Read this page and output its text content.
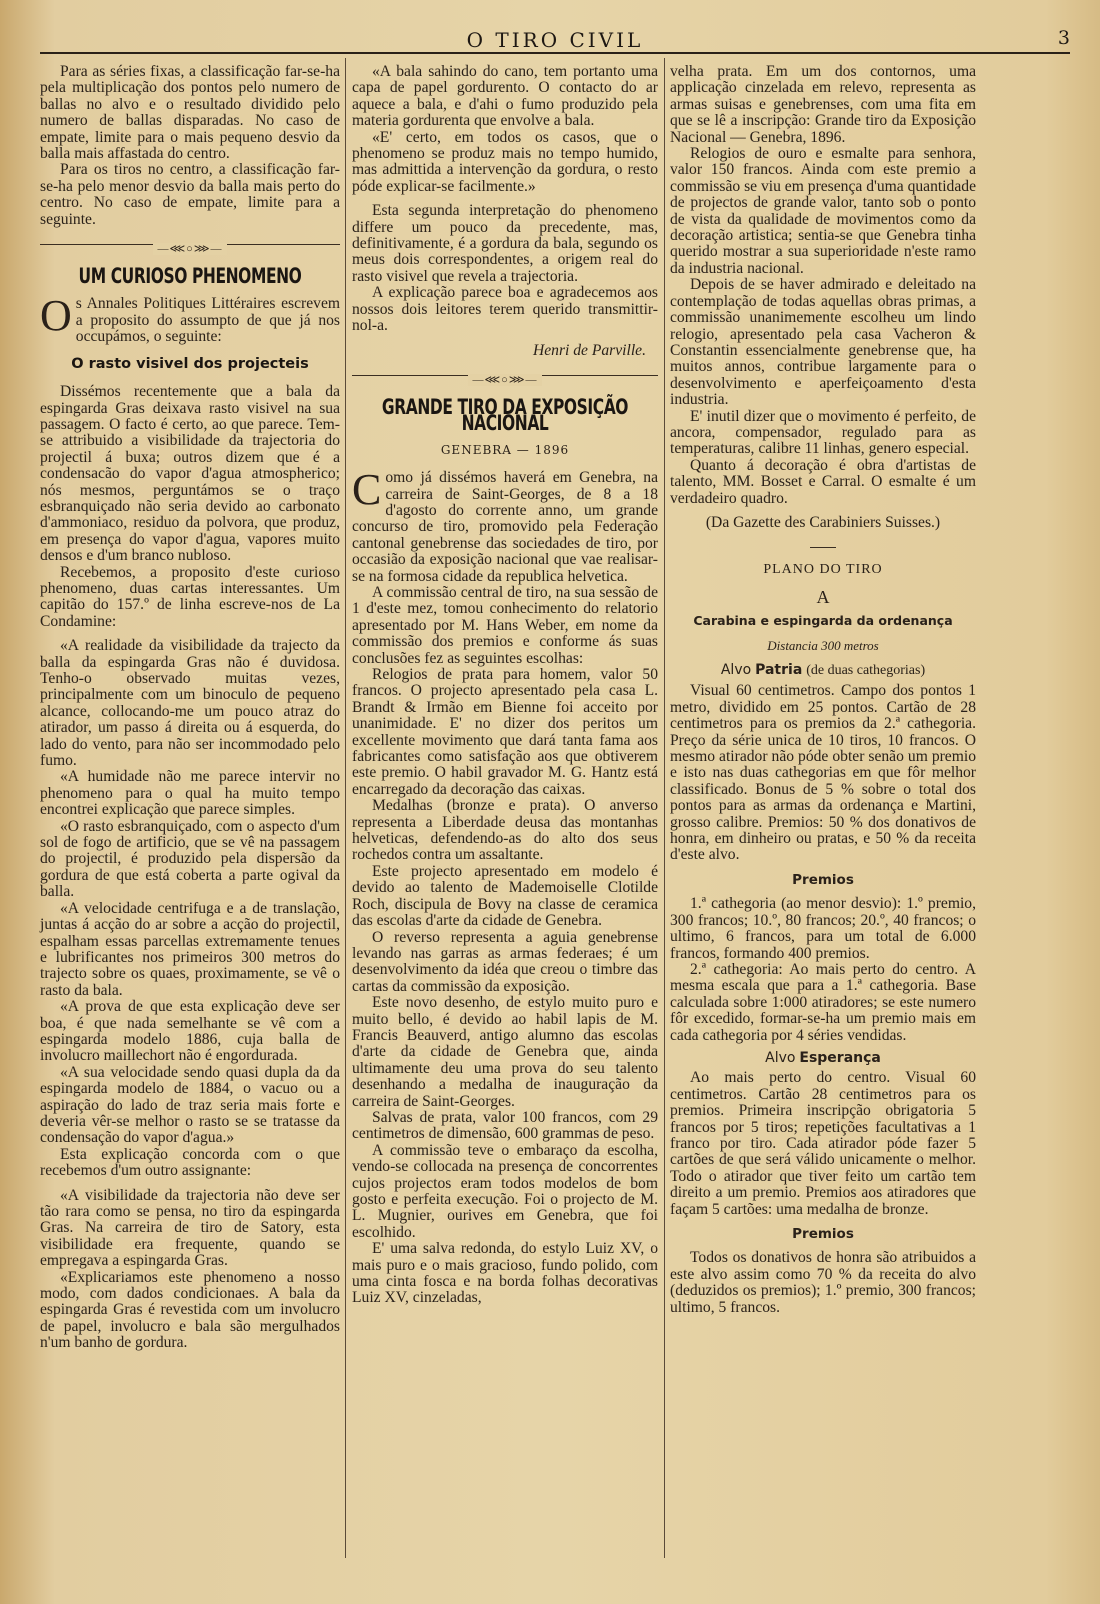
O TIRO CIVIL	3

Para as séries fixas, a classificação far-se-ha pela multiplicação dos pontos pelo numero de ballas no alvo e o resultado dividido pelo numero de ballas disparadas. No caso de empate, limite para o mais pequeno desvio da balla mais affastada do centro.

Para os tiros no centro, a classificação far-se-ha pelo menor desvio da balla mais perto do centro. No caso de empate, limite para a seguinte.

—⋘○⋙—
UM CURIOSO PHENOMENO

Os Annales Politiques Littéraires escrevem a proposito do assumpto de que já nos occupámos, o seguinte:

O rasto visivel dos projecteis

Dissémos recentemente que a bala da espingarda Gras deixava rasto visivel na sua passagem. O facto é certo, ao que parece. Tem-se attribuido a visibilidade da trajectoria do projectil á buxa; outros dizem que é a condensacão do vapor d'agua atmospherico; nós mesmos, perguntámos se o traço esbranquiçado não seria devido ao carbonato d'ammoniaco, residuo da polvora, que produz, em presença do vapor d'agua, vapores muito densos e d'um branco nubloso.

Recebemos, a proposito d'este curioso phenomeno, duas cartas interessantes. Um capitão do 157.º de linha escreve-nos de La Condamine:

«A realidade da visibilidade da trajecto da balla da espingarda Gras não é duvidosa. Tenho-o observado muitas vezes, principalmente com um binoculo de pequeno alcance, collocando-me um pouco atraz do atirador, um passo á direita ou á esquerda, do lado do vento, para não ser incommodado pelo fumo.

«A humidade não me parece intervir no phenomeno para o qual ha muito tempo encontrei explicação que parece simples.

«O rasto esbranquiçado, com o aspecto d'um sol de fogo de artificio, que se vê na passagem do projectil, é produzido pela dispersão da gordura de que está coberta a parte ogival da balla.

«A velocidade centrifuga e a de translação, juntas á acção do ar sobre a acção do projectil, espalham essas parcellas extremamente tenues e lubrificantes nos primeiros 300 metros do trajecto sobre os quaes, proximamente, se vê o rasto da bala.

«A prova de que esta explicação deve ser boa, é que nada semelhante se vê com a espingarda modelo 1886, cuja balla de involucro maillechort não é engordurada.

«A sua velocidade sendo quasi dupla da da espingarda modelo de 1884, o vacuo ou a aspiração do lado de traz seria mais forte e deveria vêr-se melhor o rasto se se tratasse da condensação do vapor d'agua.»

Esta explicação concorda com o que recebemos d'um outro assignante:

«A visibilidade da trajectoria não deve ser tão rara como se pensa, no tiro da espingarda Gras. Na carreira de tiro de Satory, esta visibilidade era frequente, quando se empregava a espingarda Gras.

«Explicariamos este phenomeno a nosso modo, com dados condicionaes. A bala da espingarda Gras é revestida com um involucro de papel, involucro e bala são mergulhados n'um banho de gordura.

«A bala sahindo do cano, tem portanto uma capa de papel gordurento. O contacto do ar aquece a bala, e d'ahi o fumo produzido pela materia gordurenta que envolve a bala.

«E' certo, em todos os casos, que o phenomeno se produz mais no tempo humido, mas admittida a intervenção da gordura, o resto póde explicar-se facilmente.»

Esta segunda interpretação do phenomeno differe um pouco da precedente, mas, definitivamente, é a gordura da bala, segundo os meus dois correspondentes, a origem real do rasto visivel que revela a trajectoria.

A explicação parece boa e agradecemos aos nossos dois leitores terem querido transmittir-nol-a.

Henri de Parville.
—⋘○⋙—
GRANDE TIRO DA EXPOSIÇÃO NACIONAL
GENEBRA — 1896

Como já dissémos haverá em Genebra, na carreira de Saint-Georges, de 8 a 18 d'agosto do corrente anno, um grande concurso de tiro, promovido pela Federação cantonal genebrense das sociedades de tiro, por occasião da exposição nacional que vae realisar-se na formosa cidade da republica helvetica.

A commissão central de tiro, na sua sessão de 1 d'este mez, tomou conhecimento do relatorio apresentado por M. Hans Weber, em nome da commissão dos premios e conforme ás suas conclusões fez as seguintes escolhas:

Relogios de prata para homem, valor 50 francos. O projecto apresentado pela casa L. Brandt & Irmão em Bienne foi acceito por unanimidade. E' no dizer dos peritos um excellente movimento que dará tanta fama aos fabricantes como satisfação aos que obtiverem este premio. O habil gravador M. G. Hantz está encarregado da decoração das caixas.

Medalhas (bronze e prata). O anverso representa a Liberdade deusa das montanhas helveticas, defendendo-as do alto dos seus rochedos contra um assaltante.

Este projecto apresentado em modelo é devido ao talento de Mademoiselle Clotilde Roch, discipula de Bovy na classe de ceramica das escolas d'arte da cidade de Genebra.

O reverso representa a aguia genebrense levando nas garras as armas federaes; é um desenvolvimento da idéa que creou o timbre das cartas da commissão da exposição.

Este novo desenho, de estylo muito puro e muito bello, é devido ao habil lapis de M. Francis Beauverd, antigo alumno das escolas d'arte da cidade de Genebra que, ainda ultimamente deu uma prova do seu talento desenhando a medalha de inauguração da carreira de Saint-Georges.

Salvas de prata, valor 100 francos, com 29 centimetros de dimensão, 600 grammas de peso.

A commissão teve o embaraço da escolha, vendo-se collocada na presença de concorrentes cujos projectos eram todos modelos de bom gosto e perfeita execução. Foi o projecto de M. L. Mugnier, ourives em Genebra, que foi escolhido.

E' uma salva redonda, do estylo Luiz XV, o mais puro e o mais gracioso, fundo polido, com uma cinta fosca e na borda folhas decorativas Luiz XV, cinzeladas,

velha prata. Em um dos contornos, uma applicação cinzelada em relevo, representa as armas suisas e genebrenses, com uma fita em que se lê a inscripção: Grande tiro da Exposição Nacional — Genebra, 1896.

Relogios de ouro e esmalte para senhora, valor 150 francos. Ainda com este premio a commissão se viu em presença d'uma quantidade de projectos de grande valor, tanto sob o ponto de vista da qualidade de movimentos como da decoração artistica; sentia-se que Genebra tinha querido mostrar a sua superioridade n'este ramo da industria nacional.

Depois de se haver admirado e deleitado na contemplação de todas aquellas obras primas, a commissão unanimemente escolheu um lindo relogio, apresentado pela casa Vacheron & Constantin essencialmente genebrense que, ha muitos annos, contribue largamente para o desenvolvimento e aperfeiçoamento d'esta industria.

E' inutil dizer que o movimento é perfeito, de ancora, compensador, regulado para as temperaturas, calibre 11 linhas, genero especial.

Quanto á decoração é obra d'artistas de talento, MM. Bosset e Carral. O esmalte é um verdadeiro quadro.

(Da Gazette des Carabiniers Suisses.)
PLANO DO TIRO
A
Carabina e espingarda da ordenança
Distancia 300 metros
Alvo Patria (de duas cathegorias)

Visual 60 centimetros. Campo dos pontos 1 metro, dividido em 25 pontos. Cartão de 28 centimetros para os premios da 2.ª cathegoria. Preço da série unica de 10 tiros, 10 francos. O mesmo atirador não póde obter senão um premio e isto nas duas cathegorias em que fôr melhor classificado. Bonus de 5 % sobre o total dos pontos para as armas da ordenança e Martini, grosso calibre. Premios: 50 % dos donativos de honra, em dinheiro ou pratas, e 50 % da receita d'este alvo.

Premios

1.ª cathegoria (ao menor desvio): 1.º premio, 300 francos; 10.º, 80 francos; 20.º, 40 francos; o ultimo, 6 francos, para um total de 6.000 francos, formando 400 premios.

2.ª cathegoria: Ao mais perto do centro. A mesma escala que para a 1.ª cathegoria. Base calculada sobre 1:000 atiradores; se este numero fôr excedido, formar-se-ha um premio mais em cada cathegoria por 4 séries vendidas.

Alvo Esperança

Ao mais perto do centro. Visual 60 centimetros. Cartão 28 centimetros para os premios. Primeira inscripção obrigatoria 5 francos por 5 tiros; repetições facultativas a 1 franco por tiro. Cada atirador póde fazer 5 cartões de que será válido unicamente o melhor. Todo o atirador que tiver feito um cartão tem direito a um premio. Premios aos atiradores que façam 5 cartões: uma medalha de bronze.

Premios

Todos os donativos de honra são atribuidos a este alvo assim como 70 % da receita do alvo (deduzidos os premios); 1.º premio, 300 francos; ultimo, 5 francos.
